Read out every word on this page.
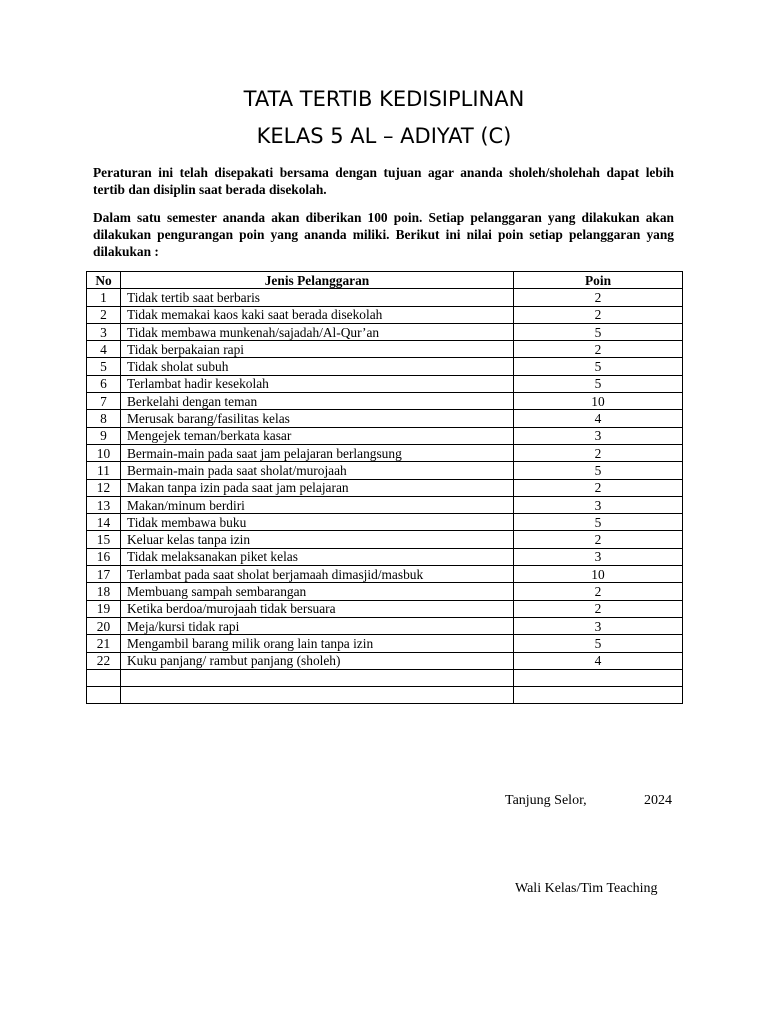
TATA TERTIB KEDISIPLINAN
KELAS 5 AL – ADIYAT (C)

Peraturan ini telah disepakati bersama dengan tujuan agar ananda sholeh/sholehah dapat lebih tertib dan disiplin saat berada disekolah.

Dalam satu semester ananda akan diberikan 100 poin. Setiap pelanggaran yang dilakukan akan dilakukan pengurangan poin yang ananda miliki. Berikut ini nilai poin setiap pelanggaran yang dilakukan :

No	Jenis Pelanggaran	Poin
1	Tidak tertib saat berbaris	2
2	Tidak memakai kaos kaki saat berada disekolah	2
3	Tidak membawa munkenah/sajadah/Al-Qur’an	5
4	Tidak berpakaian rapi	2
5	Tidak sholat subuh	5
6	Terlambat hadir kesekolah	5
7	Berkelahi dengan teman	10
8	Merusak barang/fasilitas kelas	4
9	Mengejek teman/berkata kasar	3
10	Bermain-main pada saat jam pelajaran berlangsung	2
11	Bermain-main pada saat sholat/murojaah	5
12	Makan tanpa izin pada saat jam pelajaran	2
13	Makan/minum berdiri	3
14	Tidak membawa buku	5
15	Keluar kelas tanpa izin	2
16	Tidak melaksanakan piket kelas	3
17	Terlambat pada saat sholat berjamaah dimasjid/masbuk	10
18	Membuang sampah sembarangan	2
19	Ketika berdoa/murojaah tidak bersuara	2
20	Meja/kursi tidak rapi	3
21	Mengambil barang milik orang lain tanpa izin	5
22	Kuku panjang/ rambut panjang (sholeh)	4

Tanjung Selor,	2024
Wali Kelas/Tim Teaching
